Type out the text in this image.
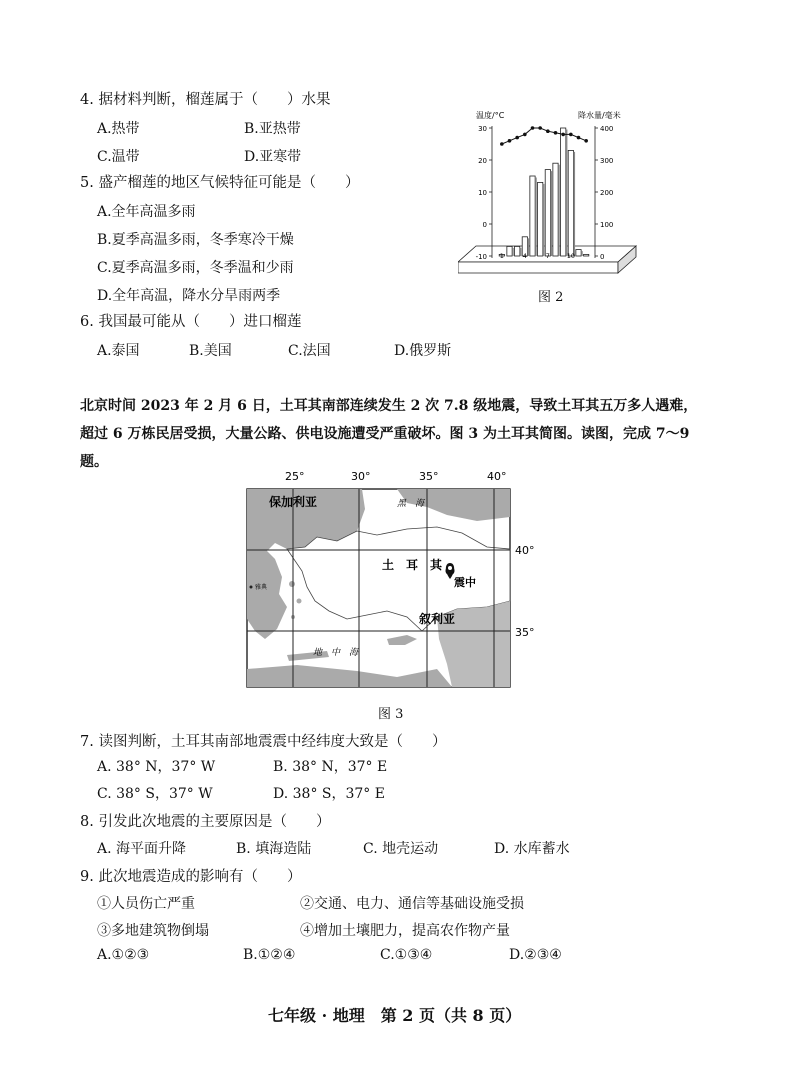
4. 据材料判断，榴莲属于（　　）水果
A.热带	B.亚热带
C.温带	D.亚寒带
5. 盛产榴莲的地区气候特征可能是（　　）
A.全年高温多雨
B.夏季高温多雨，冬季寒冷干燥
C.夏季高温多雨，冬季温和少雨
D.全年高温，降水分旱雨两季
6. 我国最可能从（　　）进口榴莲
A.泰国	B.美国	C.法国	D.俄罗斯
温度/°C	降水量/毫米
30
20
10
0
-10
400
300
200
100
0
1	4	7	10
图 2
北京时间 2023 年 2 月 6 日，土耳其南部连续发生 2 次 7.8 级地震，导致土耳其五万多人遇难，超过 6 万栋民居受损，大量公路、供电设施遭受严重破坏。图 3 为土耳其简图。读图，完成 7～9 题。
25°	30°	35°	40°
40°
35°
保加利亚	黑　海
土　耳　其
震中
叙利亚
地　中　海
雅典
图 3
7. 读图判断，土耳其南部地震震中经纬度大致是（　　）
A. 38° N，37° W	B. 38° N，37° E
C. 38° S，37° W	D. 38° S，37° E
8. 引发此次地震的主要原因是（　　）
A. 海平面升降	B. 填海造陆	C. 地壳运动	D. 水库蓄水
9. 此次地震造成的影响有（　　）
①人员伤亡严重	②交通、电力、通信等基础设施受损
③多地建筑物倒塌	④增加土壤肥力，提高农作物产量
A.①②③	B.①②④	C.①③④	D.②③④
七年级 · 地理　第 2 页（共 8 页）
